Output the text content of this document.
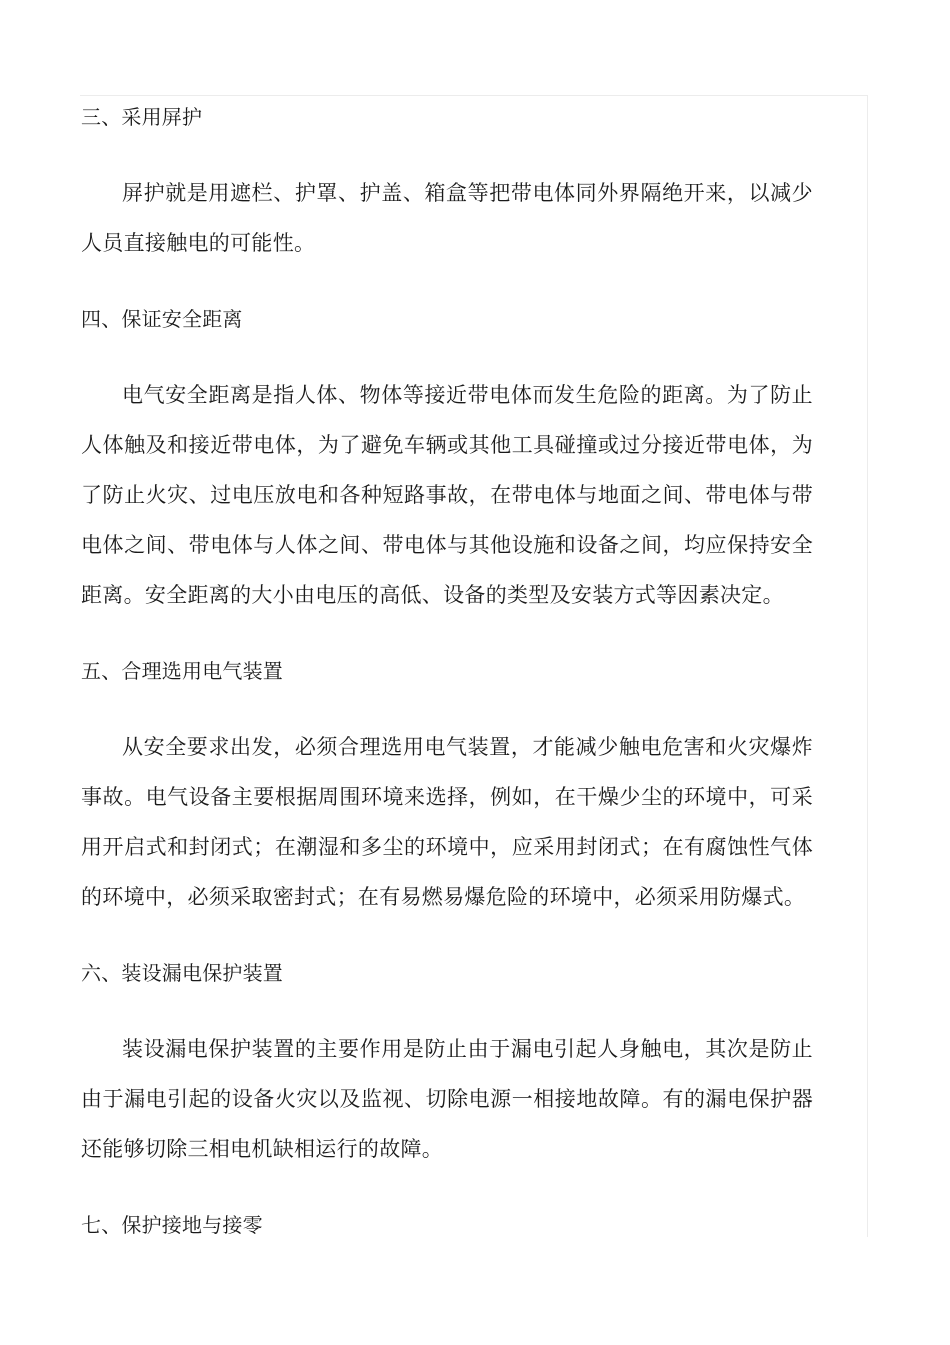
三、采用屏护

屏护就是用遮栏、护罩、护盖、箱盒等把带电体同外界隔绝开来，以减少人员直接触电的可能性。

四、保证安全距离

电气安全距离是指人体、物体等接近带电体而发生危险的距离。为了防止人体触及和接近带电体，为了避免车辆或其他工具碰撞或过分接近带电体，为了防止火灾、过电压放电和各种短路事故，在带电体与地面之间、带电体与带电体之间、带电体与人体之间、带电体与其他设施和设备之间，均应保持安全距离。安全距离的大小由电压的高低、设备的类型及安装方式等因素决定。

五、合理选用电气装置

从安全要求出发，必须合理选用电气装置，才能减少触电危害和火灾爆炸事故。电气设备主要根据周围环境来选择，例如，在干燥少尘的环境中，可采用开启式和封闭式；在潮湿和多尘的环境中，应采用封闭式；在有腐蚀性气体的环境中，必须采取密封式；在有易燃易爆危险的环境中，必须采用防爆式。

六、装设漏电保护装置

装设漏电保护装置的主要作用是防止由于漏电引起人身触电，其次是防止由于漏电引起的设备火灾以及监视、切除电源一相接地故障。有的漏电保护器还能够切除三相电机缺相运行的故障。

七、保护接地与接零
